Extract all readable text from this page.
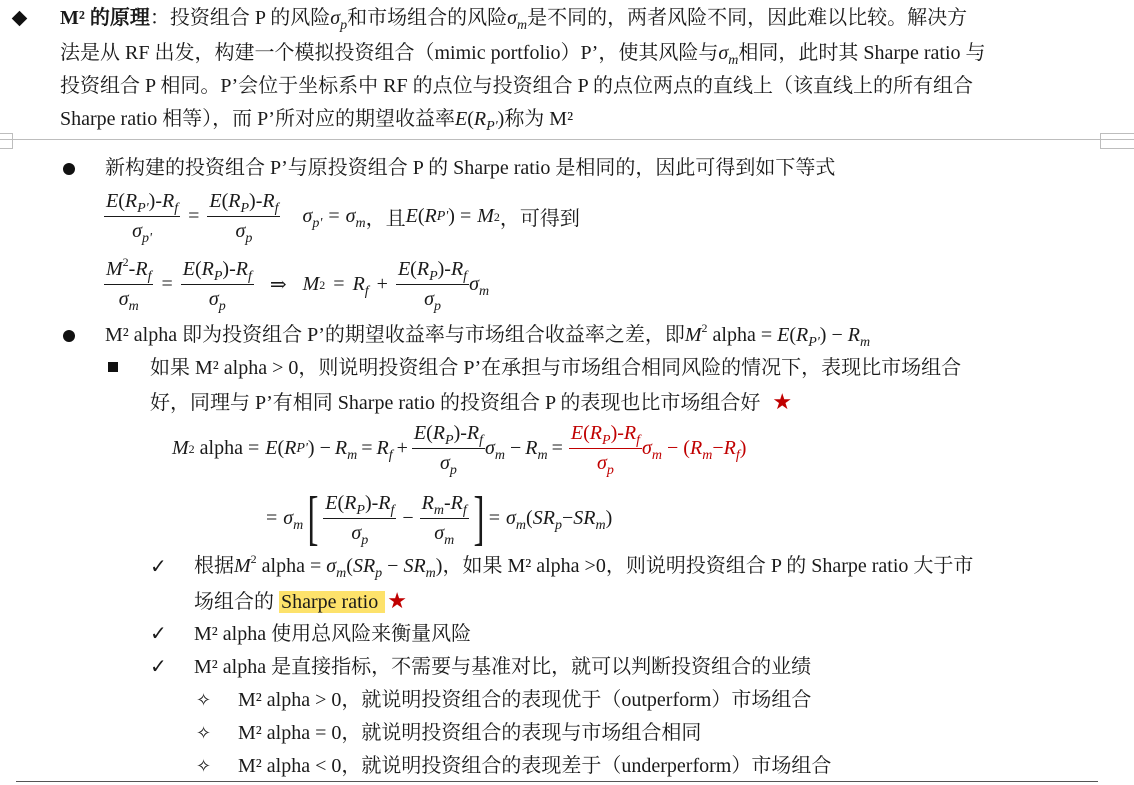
M² 的原理：投资组合 P 的风险$\sigma_p$和市场组合的风险$\sigma_m$是不同的，两者风险不同，因此难以比较。解决方
法是从 RF 出发，构建一个模拟投资组合（mimic portfolio）P’，使其风险与$\sigma_m$相同，此时其 Sharpe ratio 与
投资组合 P 相同。P’会位于坐标系中 RF 的点位与投资组合 P 的点位两点的直线上（该直线上的所有组合
Sharpe ratio 相等），而 P’所对应的期望收益率$E(R_{P'})$称为 M²
新构建的投资组合 P’与原投资组合 P 的 Sharpe ratio 是相同的，因此可得到如下等式
$\frac{E(R_{P'})-R_f}{\sigma_{p'}} = \frac{E(R_P)-R_f}{\sigma_p} \sigma_{p'} = \sigma_m$ ，且 E ( R P' ) = M 2 ，可得到
$\frac{M^2-R_f}{\sigma_m} = \frac{E(R_P)-R_f}{\sigma_p}$ ⇒ M $2 = R_f + \frac{E(R_P)-R_f}{\sigma_p} \sigma_m$
M² alpha 即为投资组合 P’的期望收益率与市场组合收益率之差，即$M^2$ alpha = $E(R_{P'}) - R_m$
如果 M² alpha > 0，则说明投资组合 P’在承担与市场组合相同风险的情况下，表现比市场组合
好，同理与 P’有相同 Sharpe ratio 的投资组合 P 的表现也比市场组合好 ★
M 2 alpha = E ( R P' ) − $R_m = R_f + \frac{E(R_P)-R_f}{\sigma_p} \sigma_m - R_m = \frac{E(R_P)-R_f}{\sigma_p} \sigma_m$ − ( $R_m - R_f$ )
= $\sigma_m$ [ $\frac{E(R_P)-R_f}{\sigma_p} - \frac{R_m-R_f}{\sigma_m}$ ] = $\sigma_m$ ( $SR_p - SR_m$ )
✓ 根据$M^2$ alpha = $\sigma_m(SR_p - SR_m)$，如果 M² alpha >0，则说明投资组合 P 的 Sharpe ratio 大于市
场组合的 Sharpe ratio ★
✓ M² alpha 使用总风险来衡量风险
✓ M² alpha 是直接指标，不需要与基准对比，就可以判断投资组合的业绩
✧ M² alpha > 0，就说明投资组合的表现优于（outperform）市场组合
✧ M² alpha = 0，就说明投资组合的表现与市场组合相同
✧ M² alpha < 0，就说明投资组合的表现差于（underperform）市场组合
